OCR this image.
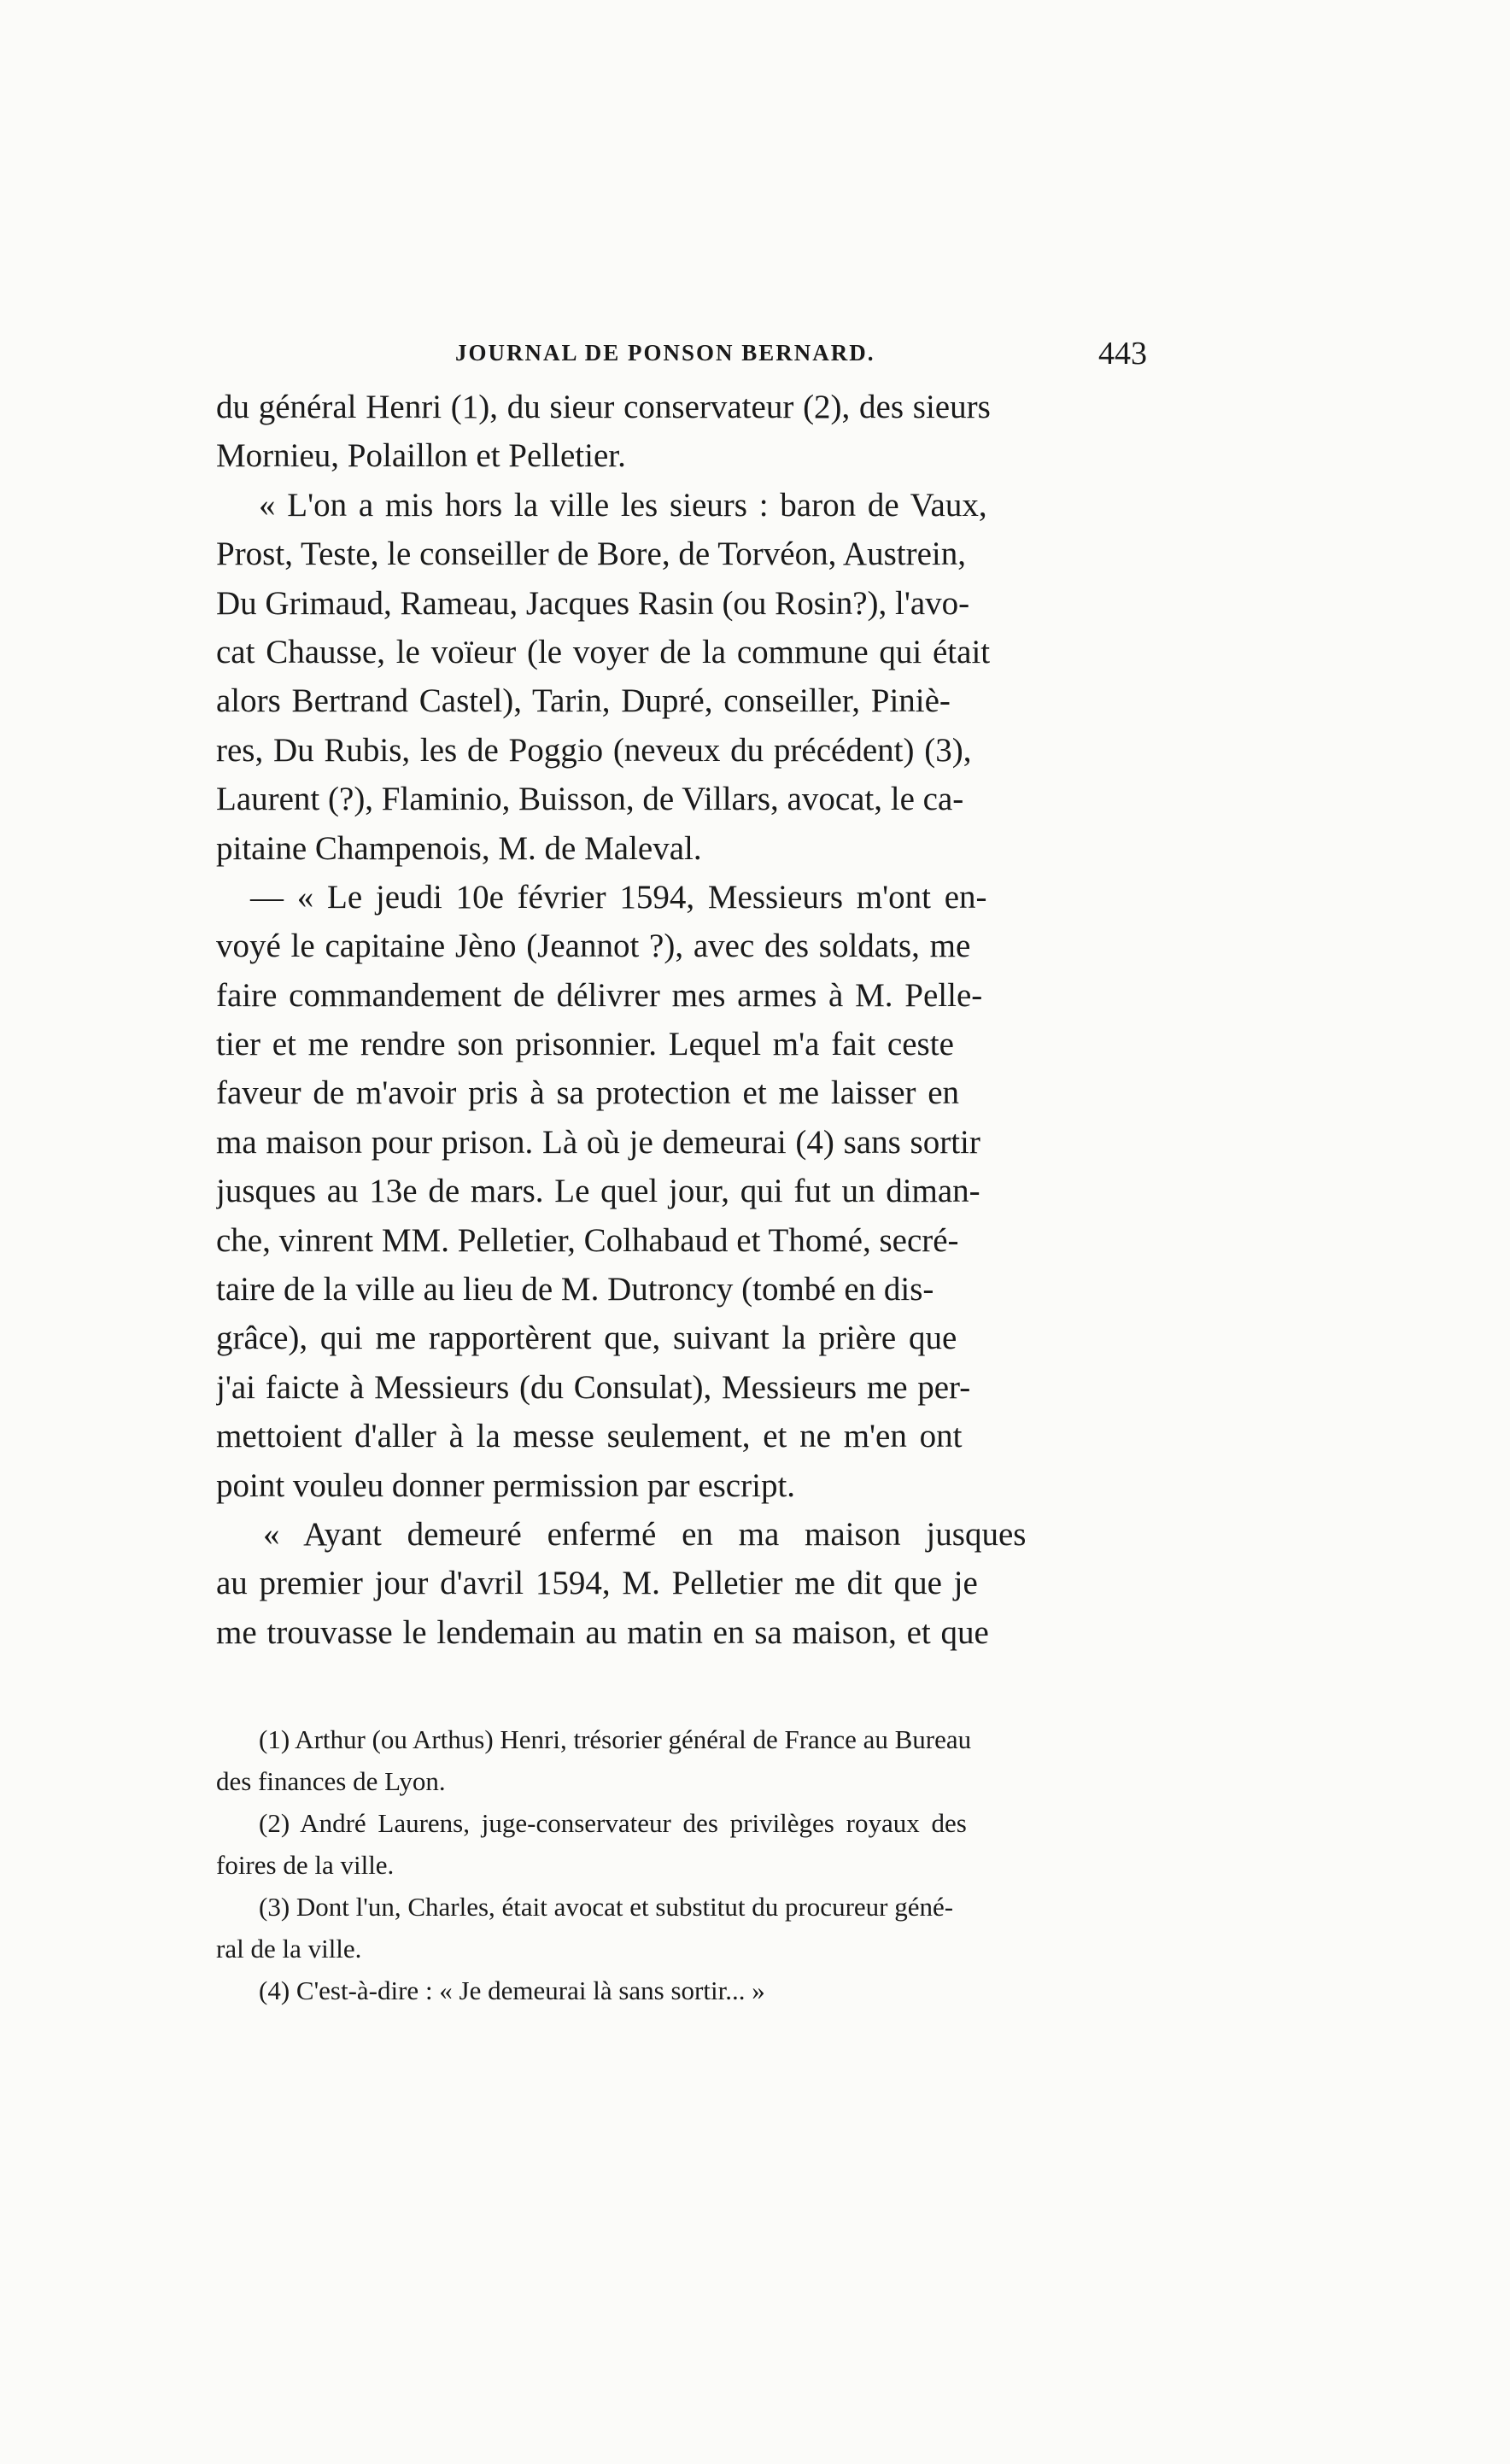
JOURNAL DE PONSON BERNARD.	443
du général Henri (1), du sieur conservateur (2), des sieurs
Mornieu, Polaillon et Pelletier.
« L'on a mis hors la ville les sieurs : baron de Vaux,
Prost, Teste, le conseiller de Bore, de Torvéon, Austrein,
Du Grimaud, Rameau, Jacques Rasin (ou Rosin?), l'avo-
cat Chausse, le voïeur (le voyer de la commune qui était
alors Bertrand Castel), Tarin, Dupré, conseiller, Piniè-
res, Du Rubis, les de Poggio (neveux du précédent) (3),
Laurent (?), Flaminio, Buisson, de Villars, avocat, le ca-
pitaine Champenois, M. de Maleval.
— « Le jeudi 10e février 1594, Messieurs m'ont en-
voyé le capitaine Jèno (Jeannot ?), avec des soldats, me
faire commandement de délivrer mes armes à M. Pelle-
tier et me rendre son prisonnier. Lequel m'a fait ceste
faveur de m'avoir pris à sa protection et me laisser en
ma maison pour prison. Là où je demeurai (4) sans sortir
jusques au 13e de mars. Le quel jour, qui fut un diman-
che, vinrent MM. Pelletier, Colhabaud et Thomé, secré-
taire de la ville au lieu de M. Dutroncy (tombé en dis-
grâce), qui me rapportèrent que, suivant la prière que
j'ai faicte à Messieurs (du Consulat), Messieurs me per-
mettoient d'aller à la messe seulement, et ne m'en ont
point vouleu donner permission par escript.
« Ayant demeuré enfermé en ma maison jusques
au premier jour d'avril 1594, M. Pelletier me dit que je
me trouvasse le lendemain au matin en sa maison, et que
(1) Arthur (ou Arthus) Henri, trésorier général de France au Bureau
des finances de Lyon.
(2) André Laurens, juge-conservateur des privilèges royaux des
foires de la ville.
(3) Dont l'un, Charles, était avocat et substitut du procureur géné-
ral de la ville.
(4) C'est-à-dire : « Je demeurai là sans sortir... »
